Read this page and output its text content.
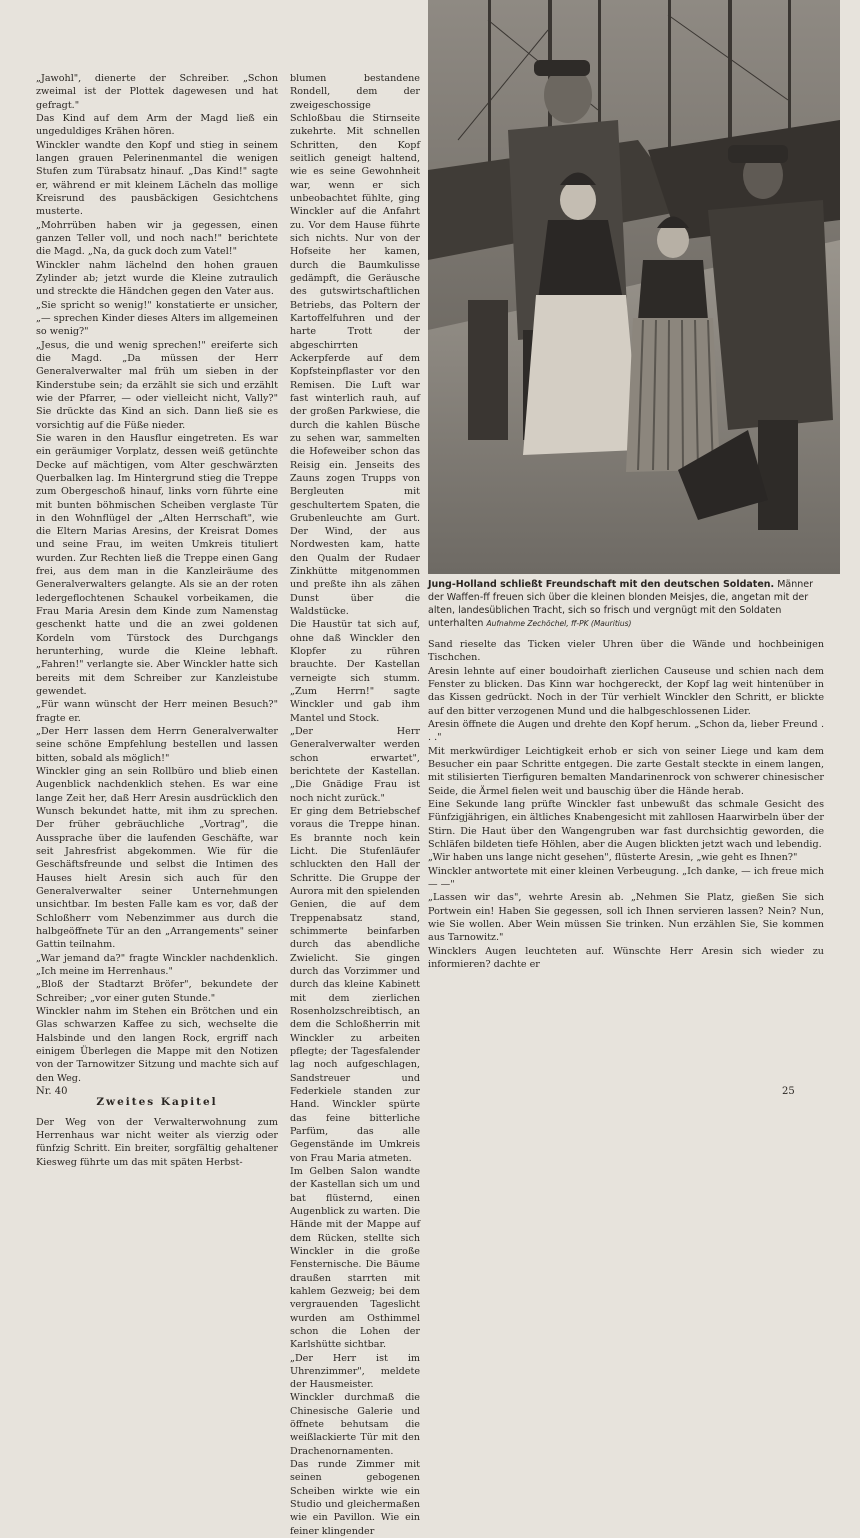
„Jawohl", dienerte der Schreiber. „Schon zweimal ist der Plottek dagewesen und hat gefragt."

Das Kind auf dem Arm der Magd ließ ein ungeduldiges Krähen hören.

Winckler wandte den Kopf und stieg in seinem langen grauen Pelerinenmantel die wenigen Stufen zum Türabsatz hinauf. „Das Kind!" sagte er, während er mit kleinem Lächeln das mollige Kreisrund des pausbäckigen Gesichtchens musterte.

„Mohrrüben haben wir ja gegessen, einen ganzen Teller voll, und noch nach!" berichtete die Magd. „Na, da guck doch zum Vatel!"

Winckler nahm lächelnd den hohen grauen Zylinder ab; jetzt wurde die Kleine zutraulich und streckte die Händchen gegen den Vater aus.

„Sie spricht so wenig!" konstatierte er unsicher, „— sprechen Kinder dieses Alters im allgemeinen so wenig?"

„Jesus, die und wenig sprechen!" ereiferte sich die Magd. „Da müssen der Herr Generalverwalter mal früh um sieben in der Kinderstube sein; da erzählt sie sich und erzählt wie der Pfarrer, — oder vielleicht nicht, Vally?" Sie drückte das Kind an sich. Dann ließ sie es vorsichtig auf die Füße nieder.

Sie waren in den Hausflur eingetreten. Es war ein geräumiger Vorplatz, dessen weiß getünchte Decke auf mächtigen, vom Alter geschwärzten Querbalken lag. Im Hintergrund stieg die Treppe zum Obergeschoß hinauf, links vorn führte eine mit bunten böhmischen Scheiben verglaste Tür in den Wohnflügel der „Alten Herrschaft", wie die Eltern Marias Aresins, der Kreisrat Domes und seine Frau, im weiten Umkreis tituliert wurden. Zur Rechten ließ die Treppe einen Gang frei, aus dem man in die Kanzleiräume des Generalverwalters gelangte. Als sie an der roten ledergeflochtenen Schaukel vorbeikamen, die Frau Maria Aresin dem Kinde zum Namenstag geschenkt hatte und die an zwei goldenen Kordeln vom Türstock des Durchgangs herunterhing, wurde die Kleine lebhaft. „Fahren!" verlangte sie. Aber Winckler hatte sich bereits mit dem Schreiber zur Kanzleistube gewendet.

„Für wann wünscht der Herr meinen Besuch?" fragte er.

„Der Herr lassen dem Herrn Generalverwalter seine schöne Empfehlung bestellen und lassen bitten, sobald als möglich!"

Winckler ging an sein Rollbüro und blieb einen Augenblick nachdenklich stehen. Es war eine lange Zeit her, daß Herr Aresin ausdrücklich den Wunsch bekundet hatte, mit ihm zu sprechen. Der früher gebräuchliche „Vortrag", die Aussprache über die laufenden Geschäfte, war seit Jahresfrist abgekommen. Wie für die Geschäftsfreunde und selbst die Intimen des Hauses hielt Aresin sich auch für den Generalverwalter seiner Unternehmungen unsichtbar. Im besten Falle kam es vor, daß der Schloßherr vom Nebenzimmer aus durch die halbgeöffnete Tür an den „Arrangements" seiner Gattin teilnahm.

„War jemand da?" fragte Winckler nachdenklich. „Ich meine im Herrenhaus."

„Bloß der Stadtarzt Bröfer", bekundete der Schreiber; „vor einer guten Stunde."

Winckler nahm im Stehen ein Brötchen und ein Glas schwarzen Kaffee zu sich, wechselte die Halsbinde und den langen Rock, ergriff nach einigem Überlegen die Mappe mit den Notizen von der Tarnowitzer Sitzung und machte sich auf den Weg.

Zweites Kapitel

Der Weg von der Verwalterwohnung zum Herrenhaus war nicht weiter als vierzig oder fünfzig Schritt. Ein breiter, sorgfältig gehaltener Kiesweg führte um das mit späten Herbst-

blumen bestandene Rondell, dem der zweigeschossige Schloßbau die Stirnseite zukehrte. Mit schnellen Schritten, den Kopf seitlich geneigt haltend, wie es seine Gewohnheit war, wenn er sich unbeobachtet fühlte, ging Winckler auf die Anfahrt zu. Vor dem Hause führte sich nichts. Nur von der Hofseite her kamen, durch die Baumkulisse gedämpft, die Geräusche des gutswirtschaftlichen Betriebs, das Poltern der Kartoffelfuhren und der harte Trott der abgeschirrten Ackerpferde auf dem Kopfsteinpflaster vor den Remisen. Die Luft war fast winterlich rauh, auf der großen Parkwiese, die durch die kahlen Büsche zu sehen war, sammelten die Hofeweiber schon das Reisig ein. Jenseits des Zauns zogen Trupps von Bergleuten mit geschultertem Spaten, die Grubenleuchte am Gurt. Der Wind, der aus Nordwesten kam, hatte den Qualm der Rudaer Zinkhütte mitgenommen und preßte ihn als zähen Dunst über die Waldstücke.

Die Haustür tat sich auf, ohne daß Winckler den Klopfer zu rühren brauchte. Der Kastellan verneigte sich stumm. „Zum Herrn!" sagte Winckler und gab ihm Mantel und Stock.

„Der Herr Generalverwalter werden schon erwartet", berichtete der Kastellan. „Die Gnädige Frau ist noch nicht zurück."

Er ging dem Betriebschef voraus die Treppe hinan. Es brannte noch kein Licht. Die Stufenläufer schluckten den Hall der Schritte. Die Gruppe der Aurora mit den spielenden Genien, die auf dem Treppenabsatz stand, schimmerte beinfarben durch das abendliche Zwielicht. Sie gingen durch das Vorzimmer und durch das kleine Kabinett mit dem zierlichen Rosenholzschreibtisch, an dem die Schloßherrin mit Winckler zu arbeiten pflegte; der Tagesfalender lag noch aufgeschlagen, Sandstreuer und Federkiele standen zur Hand. Winckler spürte das feine bitterliche Parfüm, das alle Gegenstände im Umkreis von Frau Maria atmeten.

Im Gelben Salon wandte der Kastellan sich um und bat flüsternd, einen Augenblick zu warten. Die Hände mit der Mappe auf dem Rücken, stellte sich Winckler in die große Fensternische. Die Bäume draußen starrten mit kahlem Gezweig; bei dem vergrauenden Tageslicht wurden am Osthimmel schon die Lohen der Karlshütte sichtbar.

„Der Herr ist im Uhrenzimmer", meldete der Hausmeister.

Winckler durchmaß die Chinesische Galerie und öffnete behutsam die weißlackierte Tür mit den Drachenornamenten.

Das runde Zimmer mit seinen gebogenen Scheiben wirkte wie ein Studio und gleichermaßen wie ein Pavillon. Wie ein feiner klingender

Jung-Holland schließt Freundschaft mit den deutschen Soldaten. Männer der Waffen-ff freuen sich über die kleinen blonden Meisjes, die, angetan mit der alten, landesüblichen Tracht, sich so frisch und vergnügt mit den Soldaten unterhalten Aufnahme Zechöchel, ff-PK (Mauritius)

Sand rieselte das Ticken vieler Uhren über die Wände und hochbeinigen Tischchen.

Aresin lehnte auf einer boudoirhaft zierlichen Causeuse und schien nach dem Fenster zu blicken. Das Kinn war hochgereckt, der Kopf lag weit hintenüber in das Kissen gedrückt. Noch in der Tür verhielt Winckler den Schritt, er blickte auf den bitter verzogenen Mund und die halbgeschlossenen Lider.

Aresin öffnete die Augen und drehte den Kopf herum. „Schon da, lieber Freund . . ."

Mit merkwürdiger Leichtigkeit erhob er sich von seiner Liege und kam dem Besucher ein paar Schritte entgegen. Die zarte Gestalt steckte in einem langen, mit stilisierten Tierfiguren bemalten Mandarinenrock von schwerer chinesischer Seide, die Ärmel fielen weit und bauschig über die Hände herab.

Eine Sekunde lang prüfte Winckler fast unbewußt das schmale Gesicht des Fünfzigjährigen, ein ältliches Knabengesicht mit zahllosen Haarwirbeln über der Stirn. Die Haut über den Wangengruben war fast durchsichtig geworden, die Schläfen bildeten tiefe Höhlen, aber die Augen blickten jetzt wach und lebendig.

„Wir haben uns lange nicht gesehen", flüsterte Aresin, „wie geht es Ihnen?"

Winckler antwortete mit einer kleinen Verbeugung. „Ich danke, — ich freue mich — —"

„Lassen wir das", wehrte Aresin ab. „Nehmen Sie Platz, gießen Sie sich Portwein ein! Haben Sie gegessen, soll ich Ihnen servieren lassen? Nein? Nun, wie Sie wollen. Aber Wein müssen Sie trinken. Nun erzählen Sie, Sie kommen aus Tarnowitz."

Wincklers Augen leuchteten auf. Wünschte Herr Aresin sich wieder zu informieren? dachte er

Nr. 40	25
